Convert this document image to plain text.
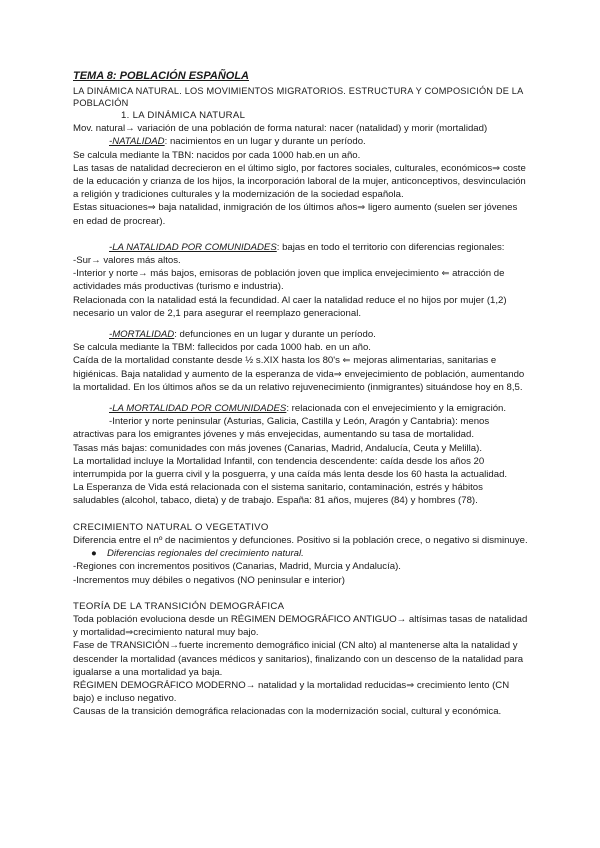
TEMA 8: POBLACIÓN ESPAÑOLA

LA DINÁMICA NATURAL. LOS MOVIMIENTOS MIGRATORIOS. ESTRUCTURA Y COMPOSICIÓN DE LA POBLACIÓN

1. LA DINÁMICA NATURAL

Mov. natural→ variación de una población de forma natural: nacer (natalidad) y morir (mortalidad)

-NATALIDAD: nacimientos en un lugar y durante un período.

Se calcula mediante la TBN: nacidos por cada 1000 hab.en un año.

Las tasas de natalidad decrecieron en el último siglo, por factores sociales, culturales, económicos⇒ coste de la educación y crianza de los hijos, la incorporación laboral de la mujer, anticonceptivos, desvinculación a religión y tradiciones culturales y la modernización de la sociedad española.

Estas situaciones⇒ baja natalidad, inmigración de los últimos años⇒ ligero aumento (suelen ser jóvenes en edad de procrear).

-LA NATALIDAD POR COMUNIDADES: bajas en todo el territorio con diferencias regionales:

-Sur→ valores más altos.

-Interior y norte→ más bajos, emisoras de población joven que implica envejecimiento ⇐ atracción de actividades más productivas (turismo e industria).

Relacionada con la natalidad está la fecundidad. Al caer la natalidad reduce el no hijos por mujer (1,2) necesario un valor de 2,1 para asegurar el reemplazo generacional.

-MORTALIDAD: defunciones en un lugar y durante un período.

Se calcula mediante la TBM: fallecidos por cada 1000 hab. en un año.

Caída de la mortalidad constante desde ½ s.XIX hasta los 80's ⇐ mejoras alimentarias, sanitarias e higiénicas. Baja natalidad y aumento de la esperanza de vida⇒ envejecimiento de población, aumentando la mortalidad. En los últimos años se da un relativo rejuvenecimiento (inmigrantes) situándose hoy en 8,5.

-LA MORTALIDAD POR COMUNIDADES: relacionada con el envejecimiento y la emigración.

-Interior y norte peninsular (Asturias, Galicia, Castilla y León, Aragón y Cantabria): menos atractivas para los emigrantes jóvenes y más envejecidas, aumentando su tasa de mortalidad.

Tasas más bajas: comunidades con más jovenes (Canarias, Madrid, Andalucía, Ceuta y Melilla).

La mortalidad incluye la Mortalidad Infantil, con tendencia descendente: caída desde los años 20 interrumpida por la guerra civil y la posguerra, y una caída más lenta desde los 60 hasta la actualidad.

La Esperanza de Vida está relacionada con el sistema sanitario, contaminación, estrés y hábitos saludables (alcohol, tabaco, dieta) y de trabajo. España: 81 años, mujeres (84) y hombres (78).

CRECIMIENTO NATURAL O VEGETATIVO

Diferencia entre el nº de nacimientos y defunciones. Positivo si la población crece, o negativo si disminuye.

● Diferencias regionales del crecimiento natural.

-Regiones con incrementos positivos (Canarias, Madrid, Murcia y Andalucía).

-Incrementos muy débiles o negativos (NO peninsular e interior)

TEORÍA DE LA TRANSICIÓN DEMOGRÁFICA

Toda población evoluciona desde un RÉGIMEN DEMOGRÁFICO ANTIGUO→ altísimas tasas de natalidad y mortalidad⇒crecimiento natural muy bajo.

Fase de TRANSICIÓN→fuerte incremento demográfico inicial (CN alto) al mantenerse alta la natalidad y descender la mortalidad (avances médicos y sanitarios), finalizando con un descenso de la natalidad para igualarse a una mortalidad ya baja.

RÉGIMEN DEMOGRÁFICO MODERNO→ natalidad y la mortalidad reducidas⇒ crecimiento lento (CN bajo) e incluso negativo.

Causas de la transición demográfica relacionadas con la modernización social, cultural y económica.
